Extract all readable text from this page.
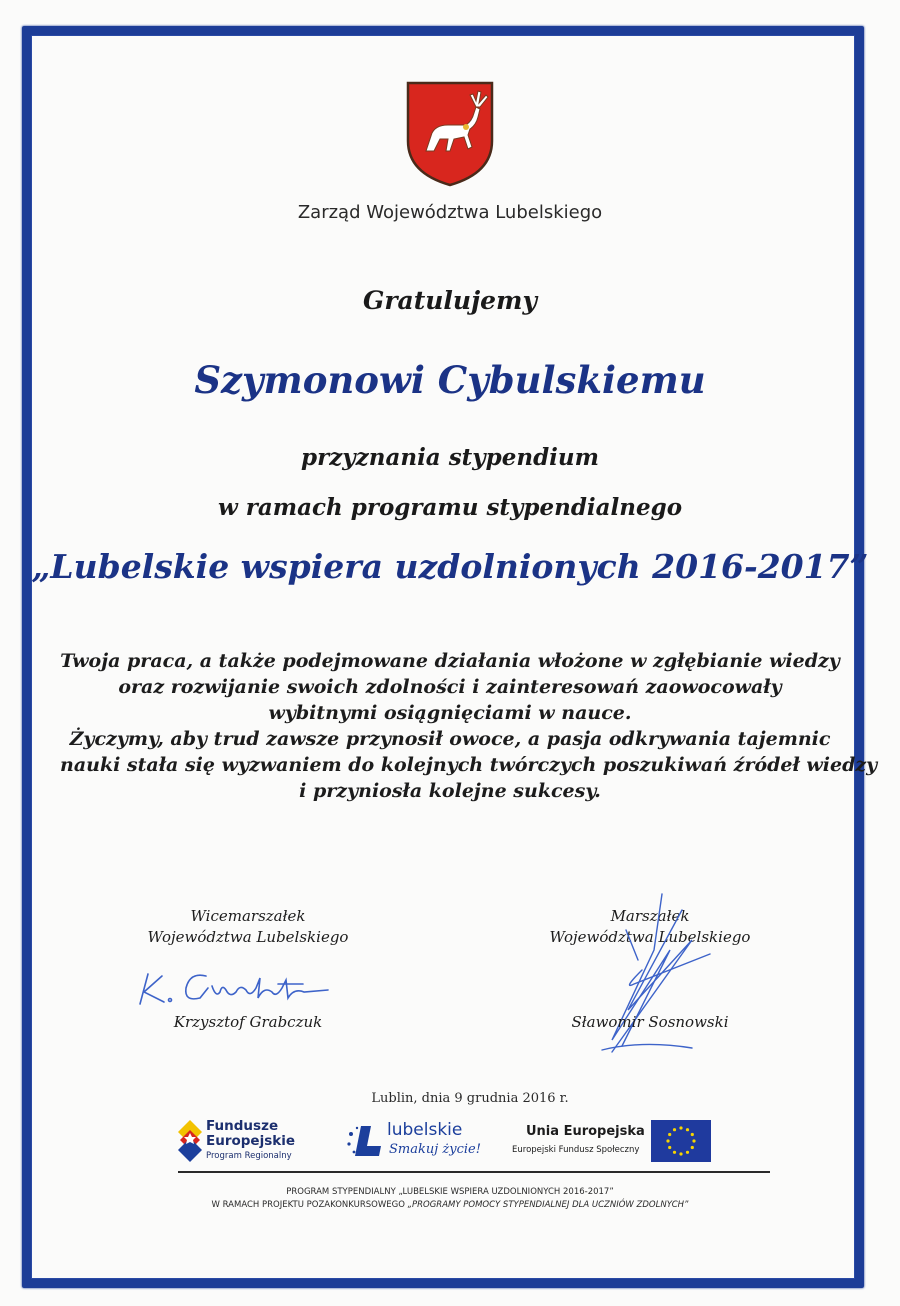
Zarząd Województwa Lubelskiego
Gratulujemy
Szymonowi Cybulskiemu
przyznania stypendium
w ramach programu stypendialnego
„Lubelskie wspiera uzdolnionych 2016-2017”
Twoja praca, a także podejmowane działania włożone w zgłębianie wiedzy
oraz rozwijanie swoich zdolności i zainteresowań zaowocowały
wybitnymi osiągnięciami w nauce.
Życzymy, aby trud zawsze przynosił owoce, a pasja odkrywania tajemnic
nauki stała się wyzwaniem do kolejnych twórczych poszukiwań źródeł wiedzy
i przyniosła kolejne sukcesy.
Wicemarszałek
Województwa Lubelskiego
Marszałek
Województwa Lubelskiego
Krzysztof Grabczuk	Sławomir Sosnowski
Lublin, dnia 9 grudnia 2016 r.
Fundusze
Europejskie
Program Regionalny
lubelskie
Smakuj życie!
Unia Europejska
Europejski Fundusz Społeczny
PROGRAM STYPENDIALNY „LUBELSKIE WSPIERA UZDOLNIONYCH 2016-2017”
W RAMACH PROJEKTU POZAKONKURSOWEGO „PROGRAMY POMOCY STYPENDIALNEJ DLA UCZNIÓW ZDOLNYCH”
